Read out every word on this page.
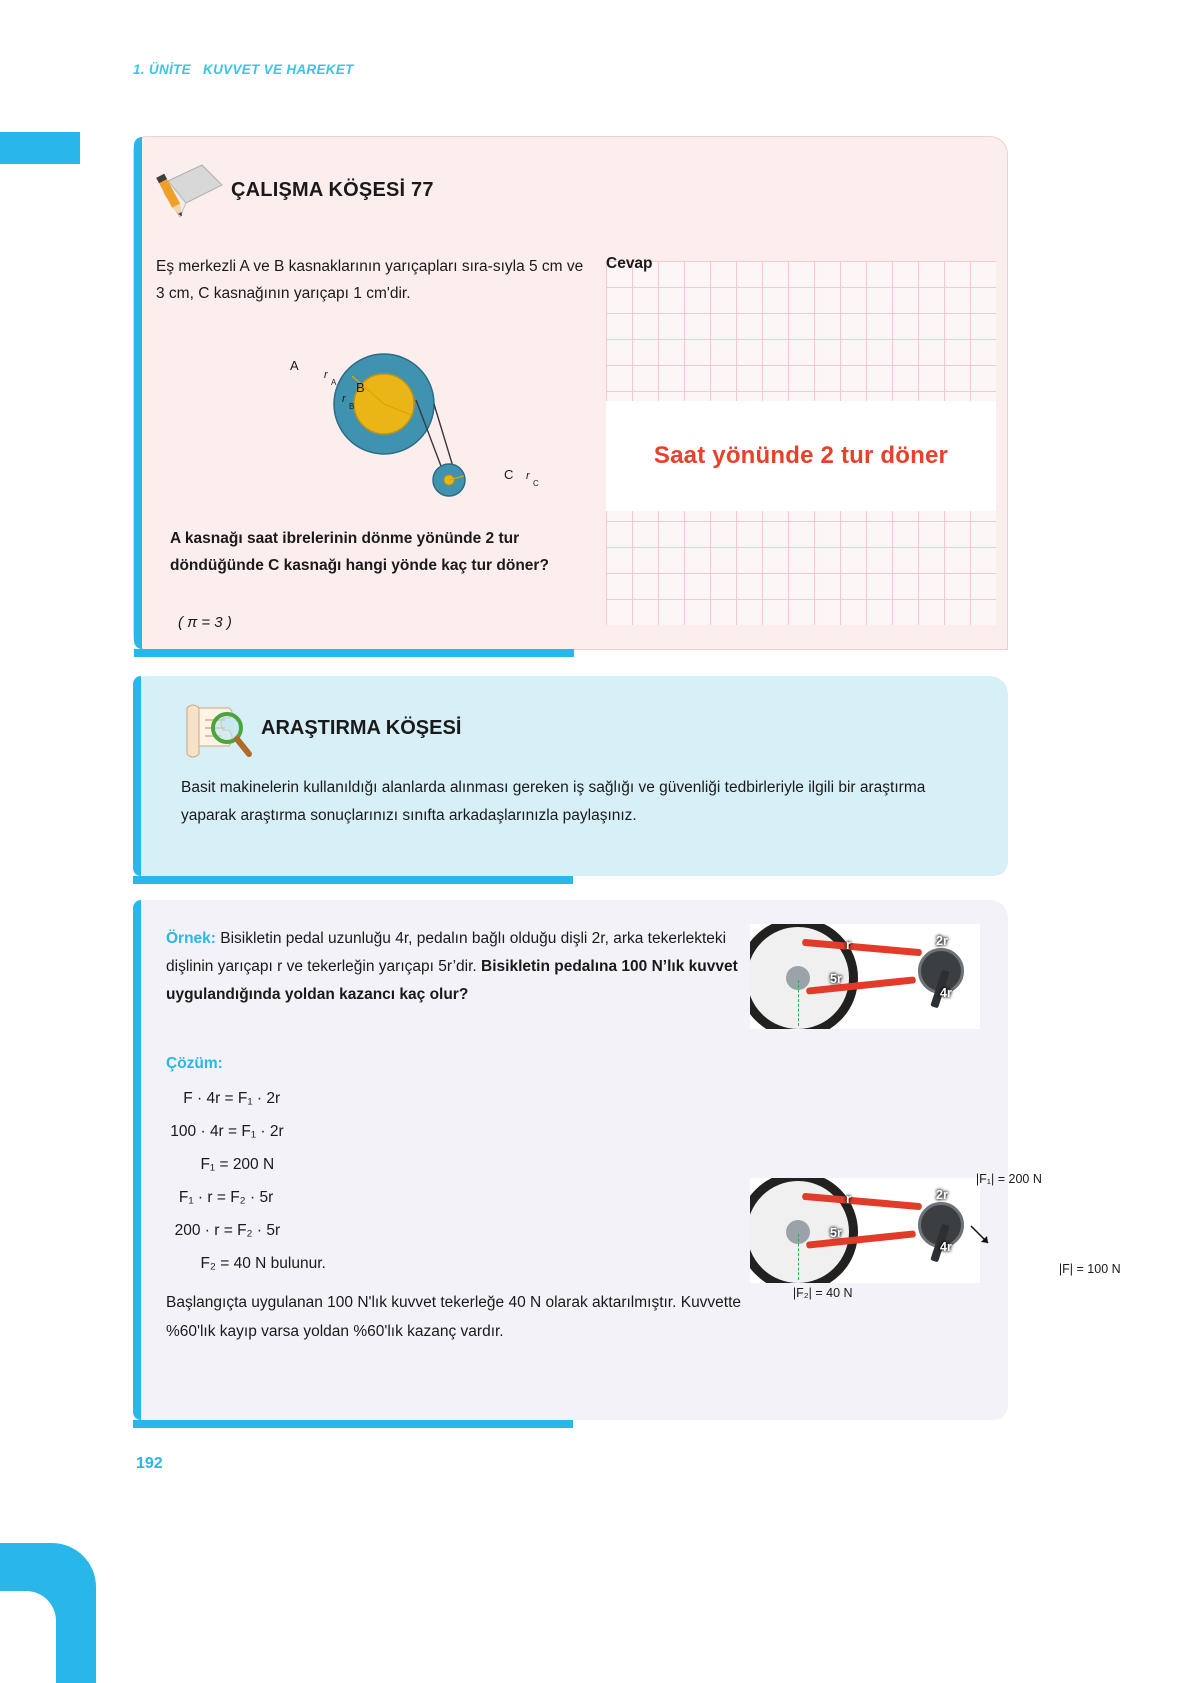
1. ÜNİTE   KUVVET VE HAREKET
192
ÇALIŞMA KÖŞESİ 77
Eş merkezli A ve B kasnaklarının yarıçapları sıra-sıyla 5 cm ve 3 cm, C kasnağının yarıçapı 1 cm'dir.
A
B
C
r
A
r
B
r
C
A kasnağı saat ibrelerinin dönme yönünde 2 tur döndüğünde C kasnağı hangi yönde kaç tur döner?
( π = 3 )
Cevap
Saat yönünde 2 tur döner
ARAŞTIRMA KÖŞESİ
Basit makinelerin kullanıldığı alanlarda alınması gereken iş sağlığı ve güvenliği tedbirleriyle ilgili bir araştırma yaparak araştırma sonuçlarınızı sınıfta arkadaşlarınızla paylaşınız.
Örnek: Bisikletin pedal uzunluğu 4r, pedalın bağlı olduğu dişli 2r, arka tekerlekteki dişlinin yarıçapı r ve tekerleğin yarıçapı 5r’dir. Bisikletin pedalına 100 N’lık kuvvet uygulandığında yoldan kazancı kaç olur?
Çözüm:
F · 4r = F₁ · 2r
100 · 4r = F₁ · 2r
F₁ = 200 N
F₁ · r = F₂ · 5r
200 · r = F₂ · 5r
F₂ = 40 N bulunur.
Başlangıçta uygulanan 100 N'lık kuvvet tekerleğe 40 N olarak aktarılmıştır. Kuvvette %60'lık kayıp varsa yoldan %60'lık kazanç vardır.
r
5r
2r
4r
r
5r
2r
4r

|F₁| = 200 N

|F| = 100 N

|F₂| = 40 N
